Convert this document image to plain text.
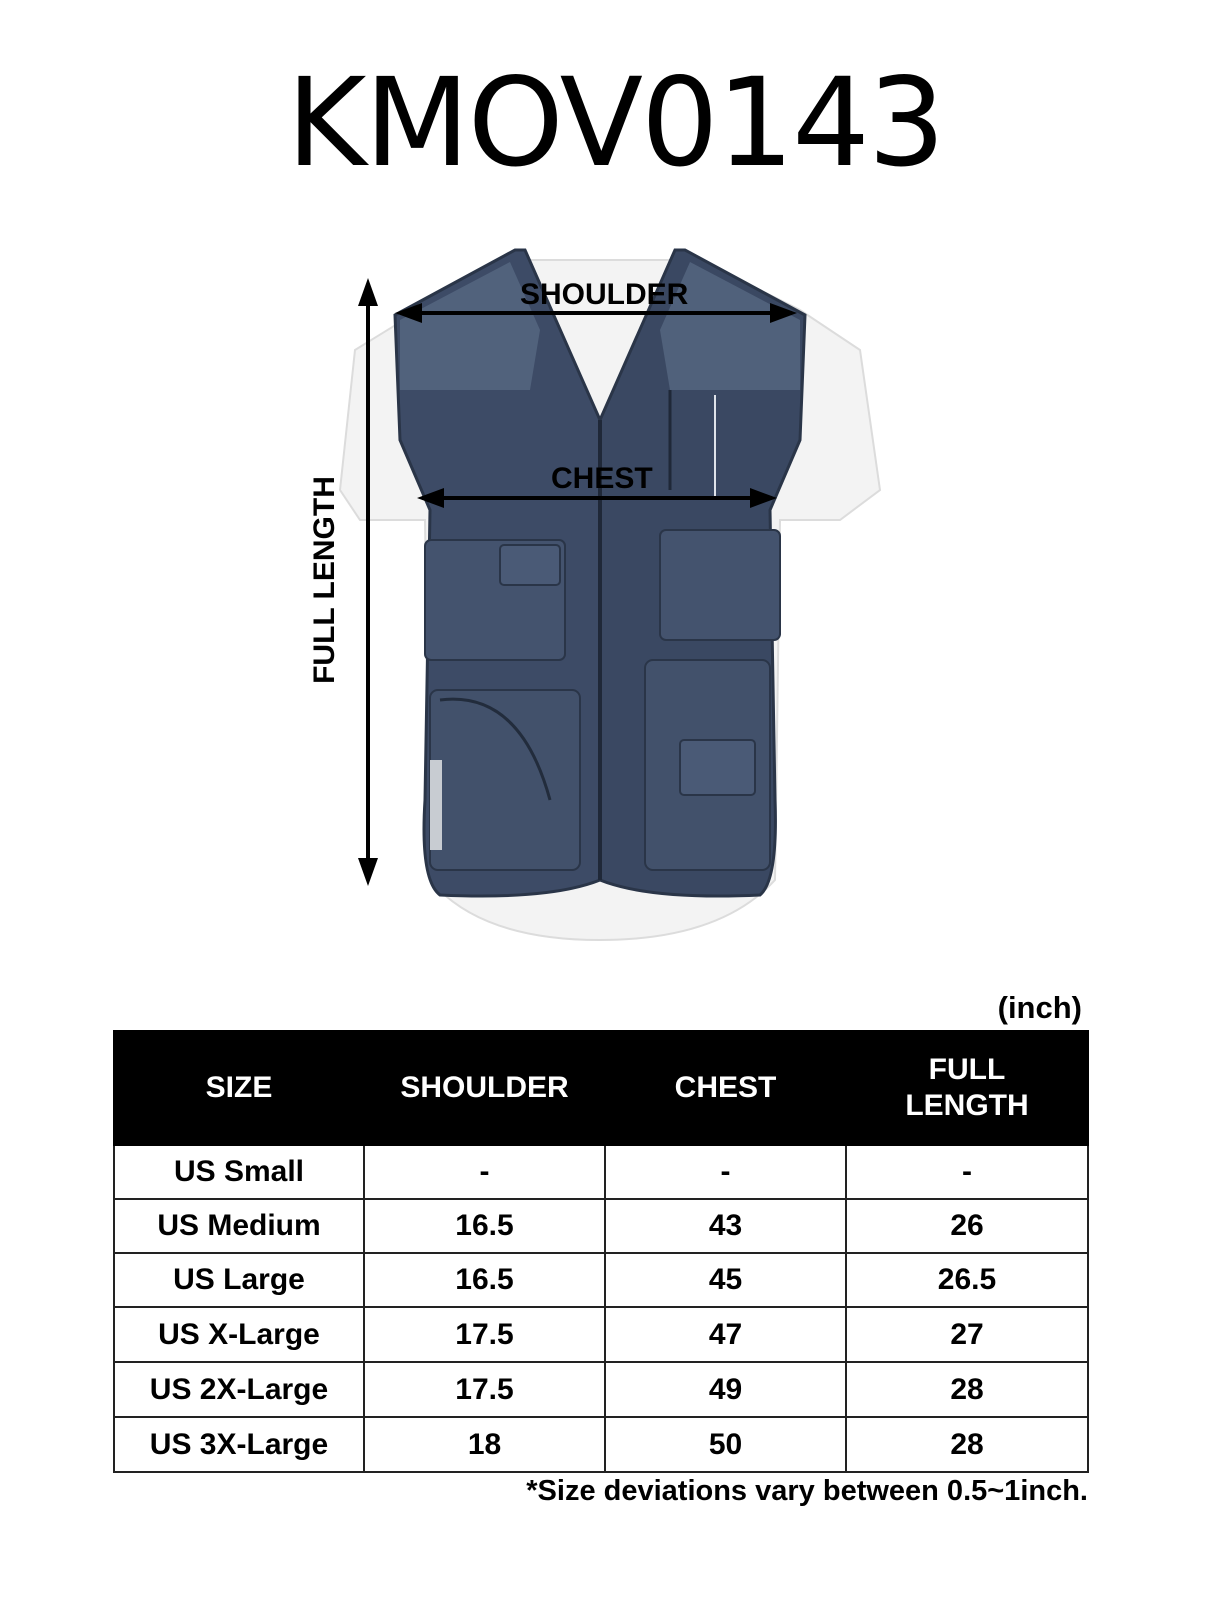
KMOV0143
SHOULDER
CHEST
FULL LENGTH
(inch)
SIZE	SHOULDER	CHEST	FULL LENGTH
US Small	-	-	-
US Medium	16.5	43	26
US Large	16.5	45	26.5
US X-Large	17.5	47	27
US 2X-Large	17.5	49	28
US 3X-Large	18	50	28
*Size deviations vary between 0.5~1inch.
